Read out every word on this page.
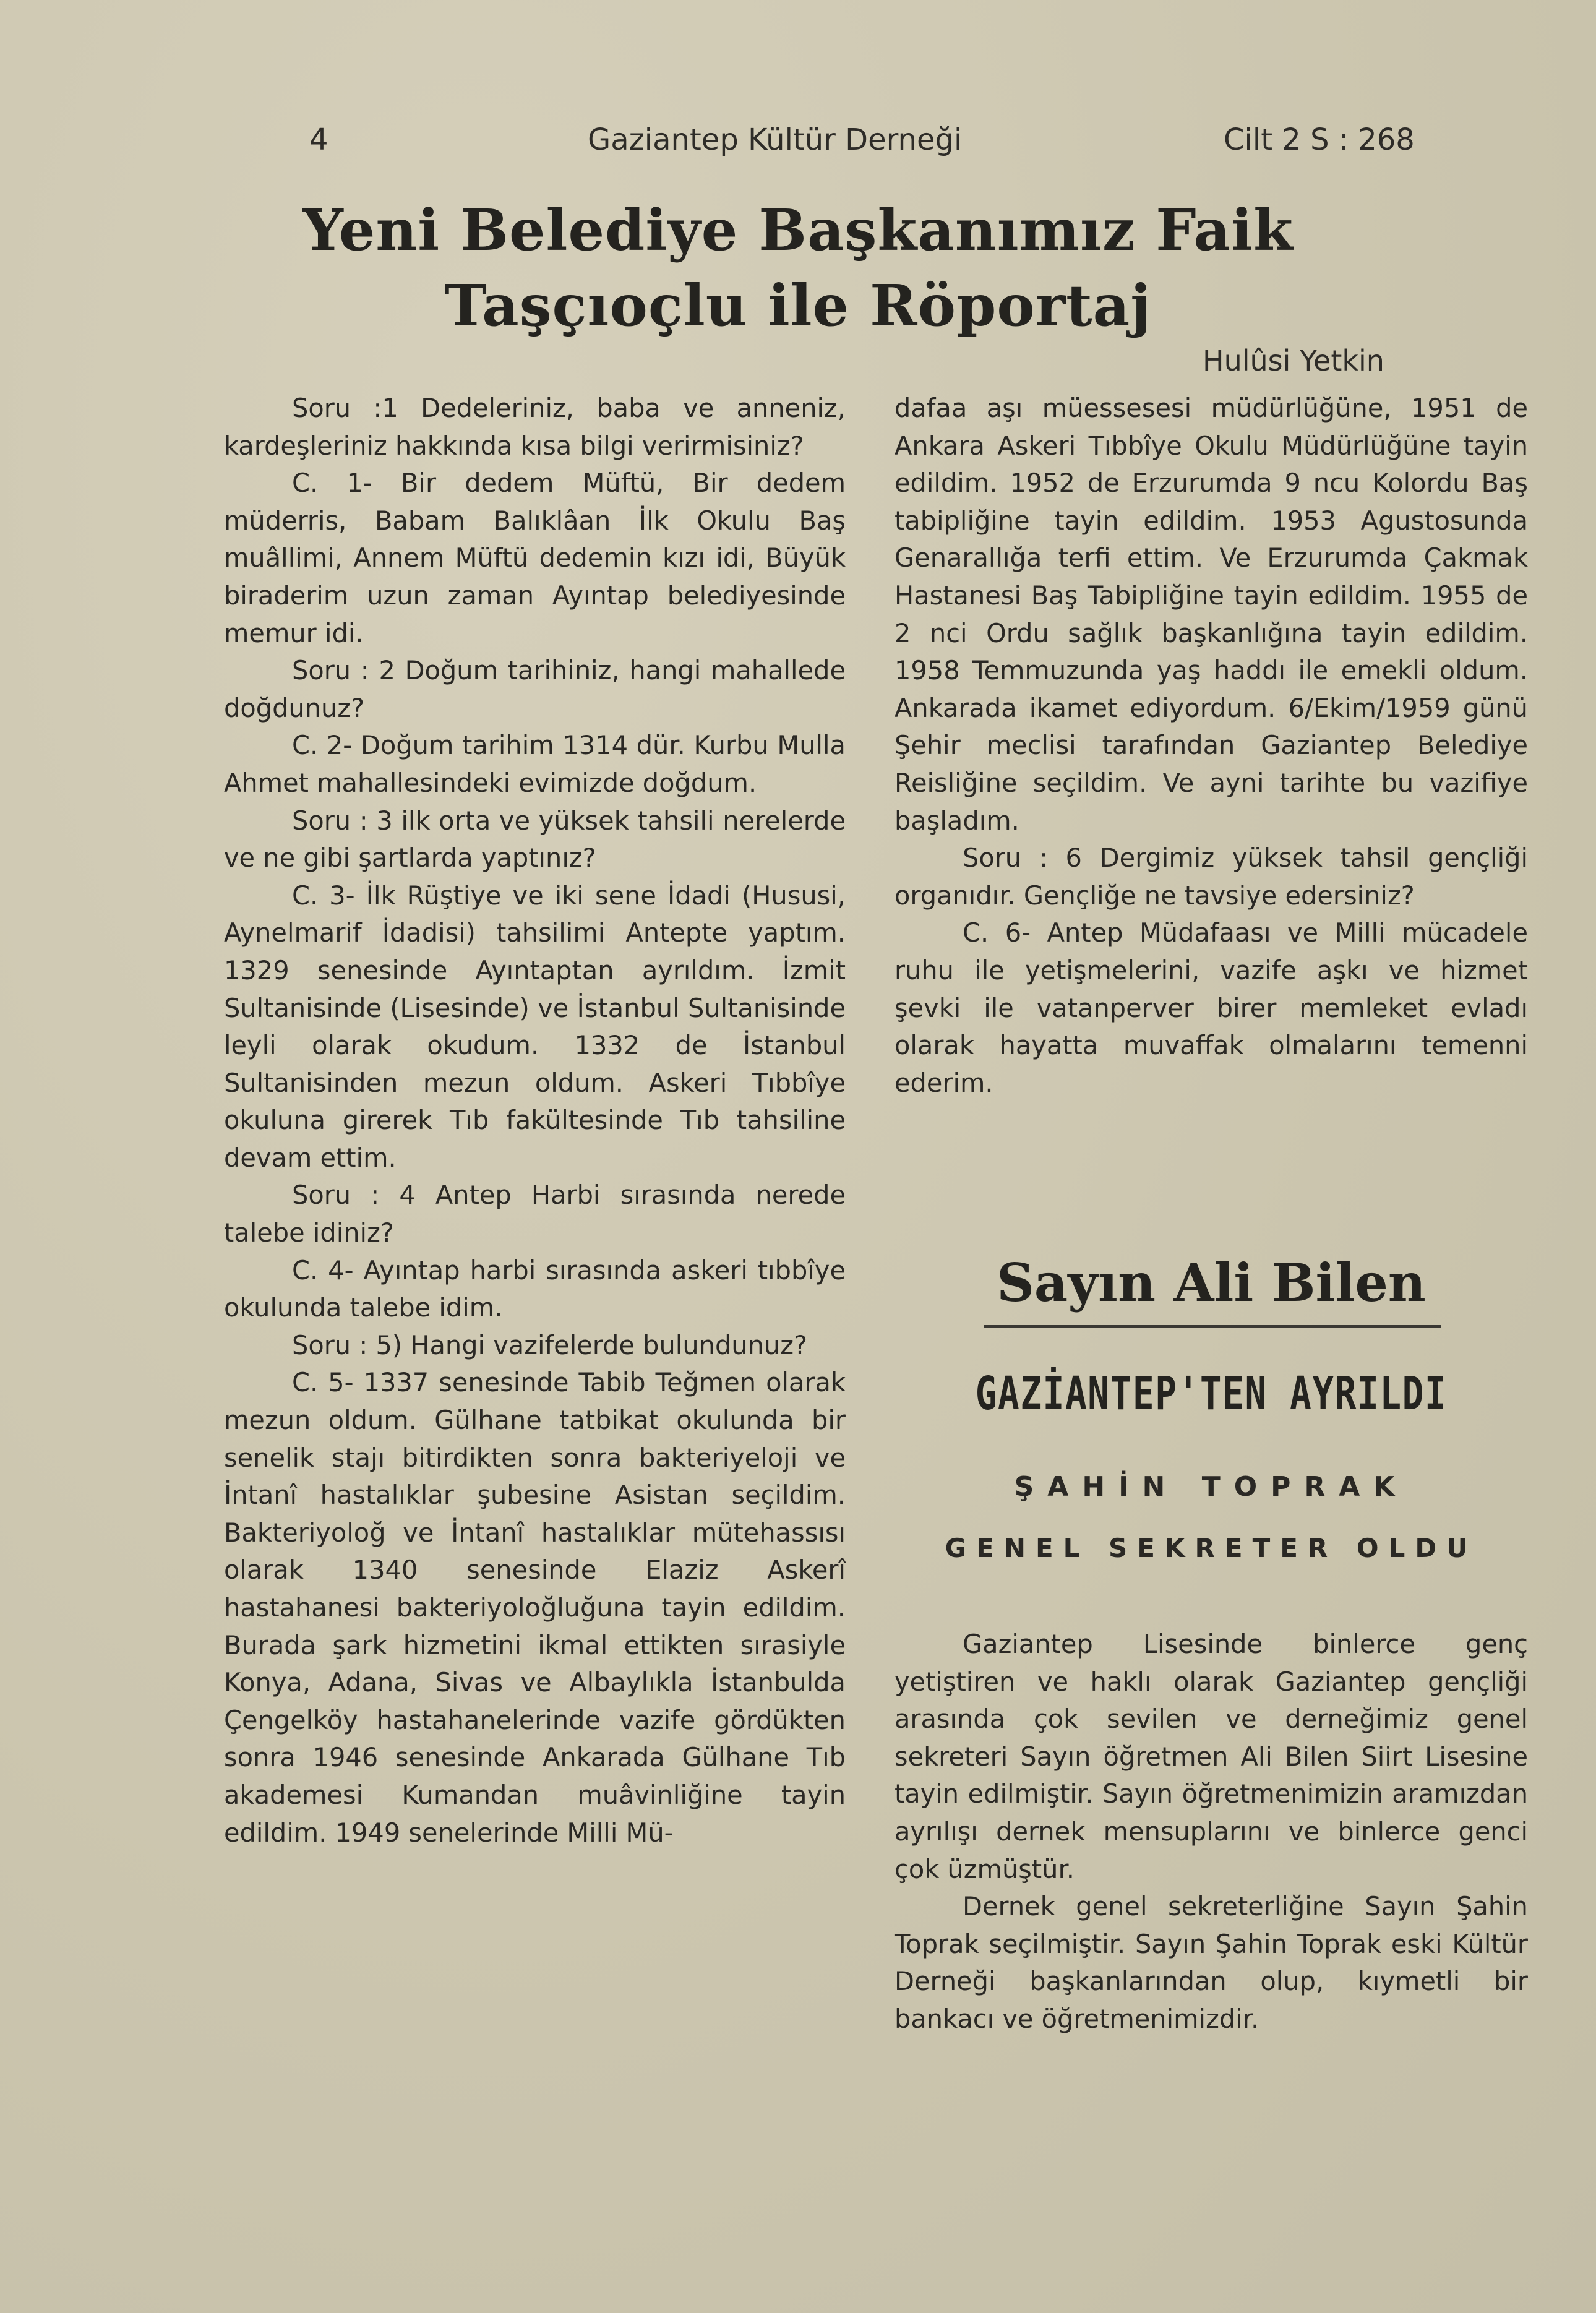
4	Gaziantep Kültür Derneği	Cilt 2 S : 268
Yeni Belediye Başkanımız Faik
Taşçıoçlu ile Röportaj
Hulûsi Yetkin

Soru :1 Dedeleriniz, baba ve anneniz, kardeşleriniz hakkında kısa bilgi verirmisiniz?

C. 1- Bir dedem Müftü, Bir dedem müderris, Babam Balıklâan İlk Okulu Baş muâllimi, Annem Müftü dedemin kızı idi, Büyük biraderim uzun zaman Ayıntap belediyesinde memur idi.

Soru : 2 Doğum tarihiniz, hangi mahallede doğdunuz?

C. 2- Doğum tarihim 1314 dür. Kurbu Mulla Ahmet mahallesindeki evimizde doğdum.

Soru : 3 ilk orta ve yüksek tahsili nerelerde ve ne gibi şartlarda yaptınız?

C. 3- İlk Rüştiye ve iki sene İdadi (Hususi, Aynelmarif İdadisi) tahsilimi Antepte yaptım. 1329 senesinde Ayıntaptan ayrıldım. İzmit Sultanisinde (Lisesinde) ve İstanbul Sultanisinde leyli olarak okudum. 1332 de İstanbul Sultanisinden mezun oldum. Askeri Tıbbîye okuluna girerek Tıb fakültesinde Tıb tahsiline devam ettim.

Soru : 4 Antep Harbi sırasında nerede talebe idiniz?

C. 4- Ayıntap harbi sırasında askeri tıbbîye okulunda talebe idim.

Soru : 5) Hangi vazifelerde bulundunuz?

C. 5- 1337 senesinde Tabib Teğmen olarak mezun oldum. Gülhane tatbikat okulunda bir senelik stajı bitirdikten sonra bakteriyeloji ve İntanî hastalıklar şubesine Asistan seçildim. Bakteriyoloğ ve İntanî hastalıklar mütehassısı olarak 1340 senesinde Elaziz Askerî hastahanesi bakteriyoloğluğuna tayin edildim. Burada şark hizmetini ikmal ettikten sırasiyle Konya, Adana, Sivas ve Albaylıkla İstanbulda Çengelköy hastahanelerinde vazife gördükten sonra 1946 senesinde Ankarada Gülhane Tıb akademesi Kumandan muâvinliğine tayin edildim. 1949 senelerinde Milli Mü-

dafaa aşı müessesesi müdürlüğüne, 1951 de Ankara Askeri Tıbbîye Okulu Müdürlüğüne tayin edildim. 1952 de Erzurumda 9 ncu Kolordu Baş tabipliğine tayin edildim. 1953 Agustosunda Genarallığa terfi ettim. Ve Erzurumda Çakmak Hastanesi Baş Tabipliğine tayin edildim. 1955 de 2 nci Ordu sağlık başkanlığına tayin edildim. 1958 Temmuzunda yaş haddı ile emekli oldum. Ankarada ikamet ediyordum. 6/Ekim/1959 günü Şehir meclisi tarafından Gaziantep Belediye Reisliğine seçildim. Ve ayni tarihte bu vazifiye başladım.

Soru : 6 Dergimiz yüksek tahsil gençliği organıdır. Gençliğe ne tavsiye edersiniz?

C. 6- Antep Müdafaası ve Milli mücadele ruhu ile yetişmelerini, vazife aşkı ve hizmet şevki ile vatanperver birer memleket evladı olarak hayatta muvaffak olmalarını temenni ederim.

Sayın Ali Bilen
GAZİANTEP'TEN AYRILDI
ŞAHİN TOPRAK
GENEL SEKRETER OLDU

Gaziantep Lisesinde binlerce genç yetiştiren ve haklı olarak Gaziantep gençliği arasında çok sevilen ve derneğimiz genel sekreteri Sayın öğretmen Ali Bilen Siirt Lisesine tayin edilmiştir. Sayın öğretmenimizin aramızdan ayrılışı dernek mensuplarını ve binlerce genci çok üzmüştür.

Dernek genel sekreterliğine Sayın Şahin Toprak seçilmiştir. Sayın Şahin Toprak eski Kültür Derneği başkanlarından olup, kıymetli bir bankacı ve öğretmenimizdir.
